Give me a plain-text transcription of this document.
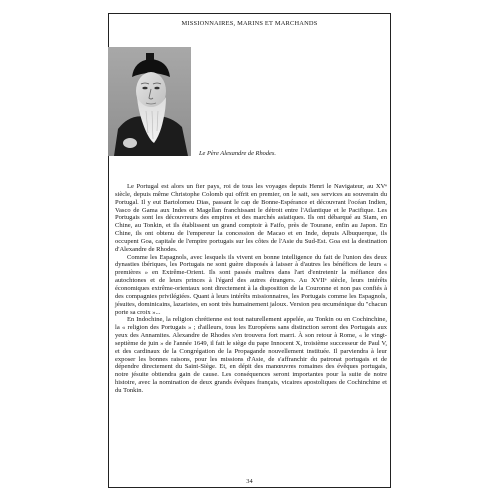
MISSIONNAIRES, MARINS ET MARCHANDS
Le Père Alexandre de Rhodes.

Le Portugal est alors un fier pays, roi de tous les voyages depuis Henri le Navigateur, au XVᵉ siècle, depuis même Christophe Colomb qui offrit en premier, on le sait, ses services au souverain du Portugal. Il y eut Bartolomeu Dias, passant le cap de Bonne-Espérance et découvrant l'océan Indien, Vasco de Gama aux Indes et Magellan franchissant le détroit entre l'Atlantique et le Pacifique. Les Portugais sont les découvreurs des empires et des marchés asiatiques. Ils ont débarqué au Siam, en Chine, au Tonkin, et ils établissent un grand comptoir à Faifo, près de Tourane, enfin au Japon. En Chine, ils ont obtenu de l'empereur la concession de Macao et en Inde, depuis Albuquerque, ils occupent Goa, capitale de l'empire portugais sur les côtes de l'Asie du Sud-Est. Goa est la destination d'Alexandre de Rhodes.

Comme les Espagnols, avec lesquels ils vivent en bonne intelligence du fait de l'union des deux dynasties ibériques, les Portugais ne sont guère disposés à laisser à d'autres les bénéfices de leurs « premières » en Extrême-Orient. Ils sont passés maîtres dans l'art d'entretenir la méfiance des autochtones et de leurs princes à l'égard des autres étrangers. Au XVIIᵉ siècle, leurs intérêts économiques extrême-orientaux sont directement à la disposition de la Couronne et non pas confiés à des compagnies privilégiées. Quant à leurs intérêts missionnaires, les Portugais comme les Espagnols, jésuites, dominicains, lazaristes, en sont très humainement jaloux. Version peu œcuménique du "chacun porte sa croix »...

En Indochine, la religion chrétienne est tout naturellement appelée, au Tonkin ou en Cochinchine, la « religion des Portugais » ; d'ailleurs, tous les Européens sans distinction seront des Portugais aux yeux des Annamites. Alexandre de Rhodes s'en trouvera fort marri. À son retour à Rome, « le vingt-septième de juin » de l'année 1649, il fait le siège du pape Innocent X, troisième successeur de Paul V, et des cardinaux de la Congrégation de la Propagande nouvellement instituée. Il parviendra à leur exposer les bonnes raisons, pour les missions d'Asie, de s'affranchir du patronat portugais et de dépendre directement du Saint-Siège. Et, en dépit des manœuvres romaines des évêques portugais, notre jésuite obtiendra gain de cause. Les conséquences seront importantes pour la suite de notre histoire, avec la nomination de deux grands évêques français, vicaires apostoliques de Cochinchine et du Tonkin.

34
